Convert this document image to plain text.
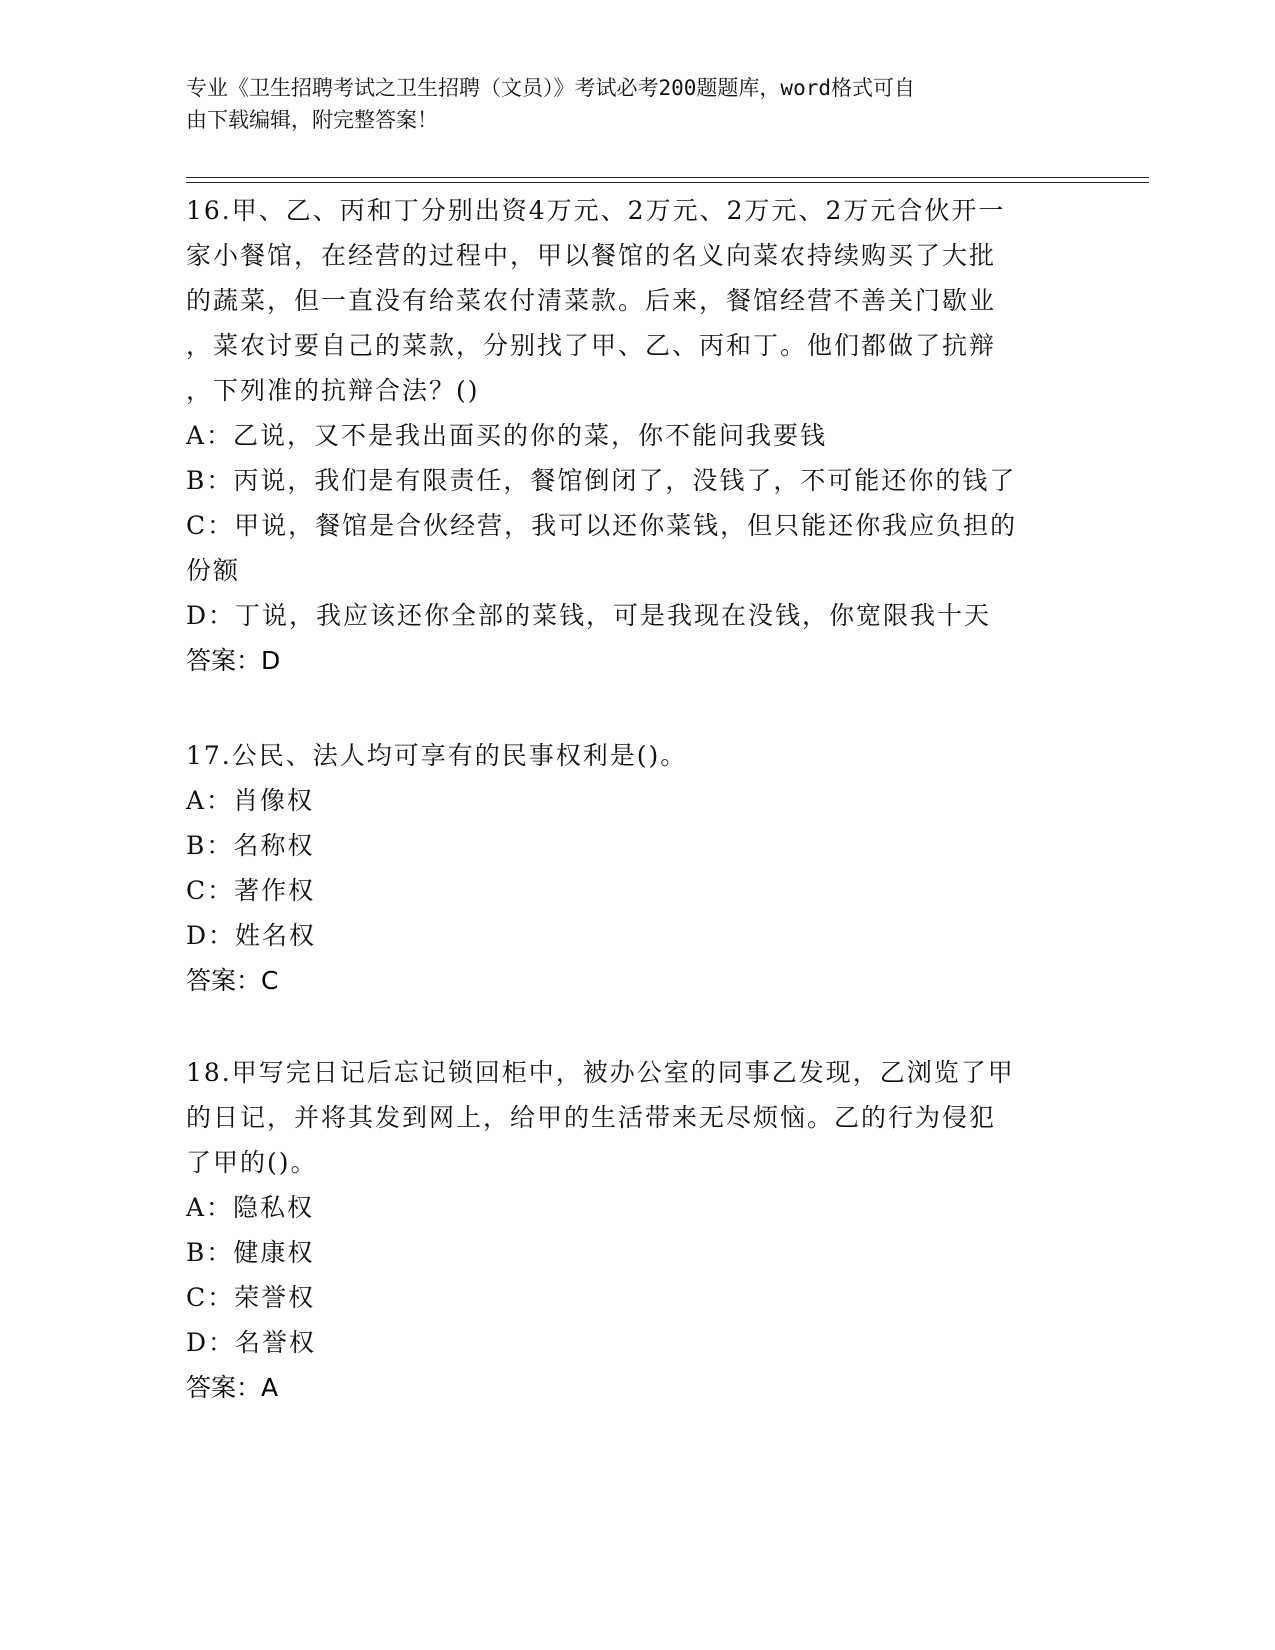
专业《卫生招聘考试之卫生招聘（文员）》考试必考200题题库，word格式可自
由下载编辑，附完整答案！
16.甲、乙、丙和丁分别出资4万元、2万元、2万元、2万元合伙开一
家小餐馆，在经营的过程中，甲以餐馆的名义向菜农持续购买了大批
的蔬菜，但一直没有给菜农付清菜款。后来，餐馆经营不善关门歇业
，菜农讨要自己的菜款，分别找了甲、乙、丙和丁。他们都做了抗辩
，下列准的抗辩合法？()
A：乙说，又不是我出面买的你的菜，你不能问我要钱
B：丙说，我们是有限责任，餐馆倒闭了，没钱了，不可能还你的钱了
C：甲说，餐馆是合伙经营，我可以还你菜钱，但只能还你我应负担的
份额
D：丁说，我应该还你全部的菜钱，可是我现在没钱，你宽限我十天
答案：D
17.公民、法人均可享有的民事权利是()。
A：肖像权
B：名称权
C：著作权
D：姓名权
答案：C
18.甲写完日记后忘记锁回柜中，被办公室的同事乙发现，乙浏览了甲
的日记，并将其发到网上，给甲的生活带来无尽烦恼。乙的行为侵犯
了甲的()。
A：隐私权
B：健康权
C：荣誉权
D：名誉权
答案：A
